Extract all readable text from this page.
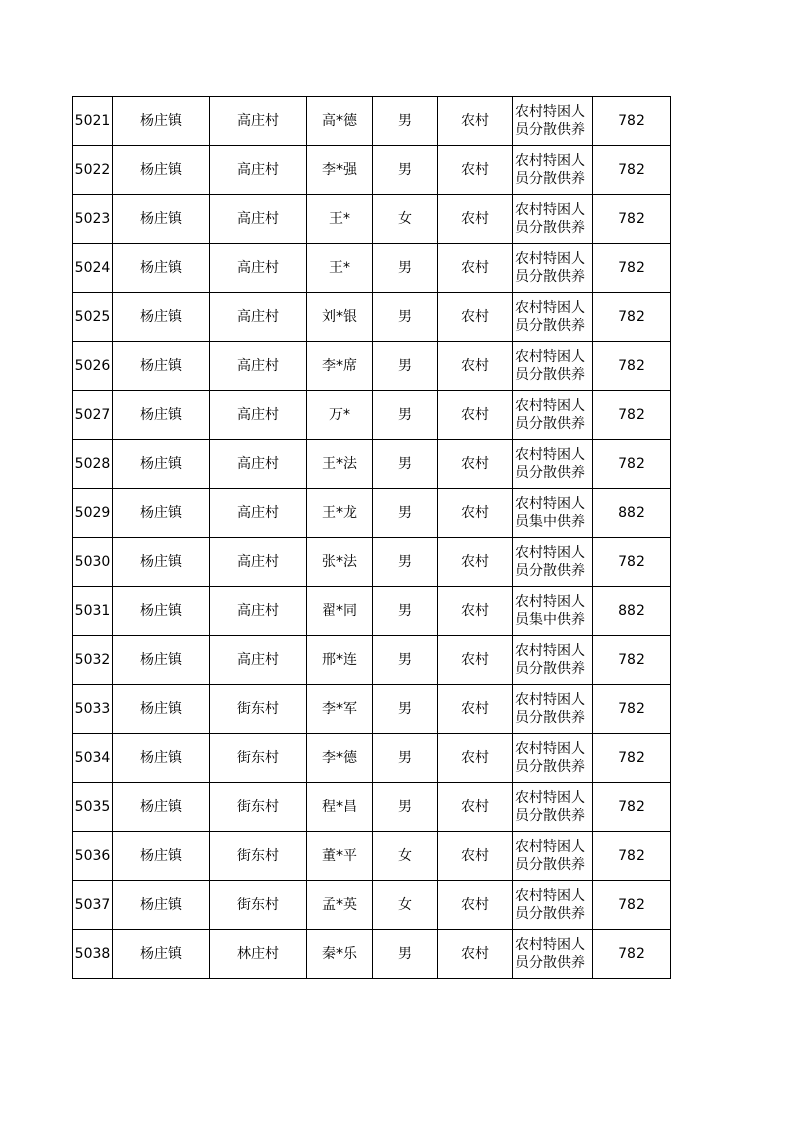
5021	杨庄镇	高庄村	高*德	男	农村	农村特困人员分散供养	782
5022	杨庄镇	高庄村	李*强	男	农村	农村特困人员分散供养	782
5023	杨庄镇	高庄村	王*	女	农村	农村特困人员分散供养	782
5024	杨庄镇	高庄村	王*	男	农村	农村特困人员分散供养	782
5025	杨庄镇	高庄村	刘*银	男	农村	农村特困人员分散供养	782
5026	杨庄镇	高庄村	李*席	男	农村	农村特困人员分散供养	782
5027	杨庄镇	高庄村	万*	男	农村	农村特困人员分散供养	782
5028	杨庄镇	高庄村	王*法	男	农村	农村特困人员分散供养	782
5029	杨庄镇	高庄村	王*龙	男	农村	农村特困人员集中供养	882
5030	杨庄镇	高庄村	张*法	男	农村	农村特困人员分散供养	782
5031	杨庄镇	高庄村	翟*同	男	农村	农村特困人员集中供养	882
5032	杨庄镇	高庄村	邢*连	男	农村	农村特困人员分散供养	782
5033	杨庄镇	街东村	李*军	男	农村	农村特困人员分散供养	782
5034	杨庄镇	街东村	李*德	男	农村	农村特困人员分散供养	782
5035	杨庄镇	街东村	程*昌	男	农村	农村特困人员分散供养	782
5036	杨庄镇	街东村	董*平	女	农村	农村特困人员分散供养	782
5037	杨庄镇	街东村	孟*英	女	农村	农村特困人员分散供养	782
5038	杨庄镇	林庄村	秦*乐	男	农村	农村特困人员分散供养	782
